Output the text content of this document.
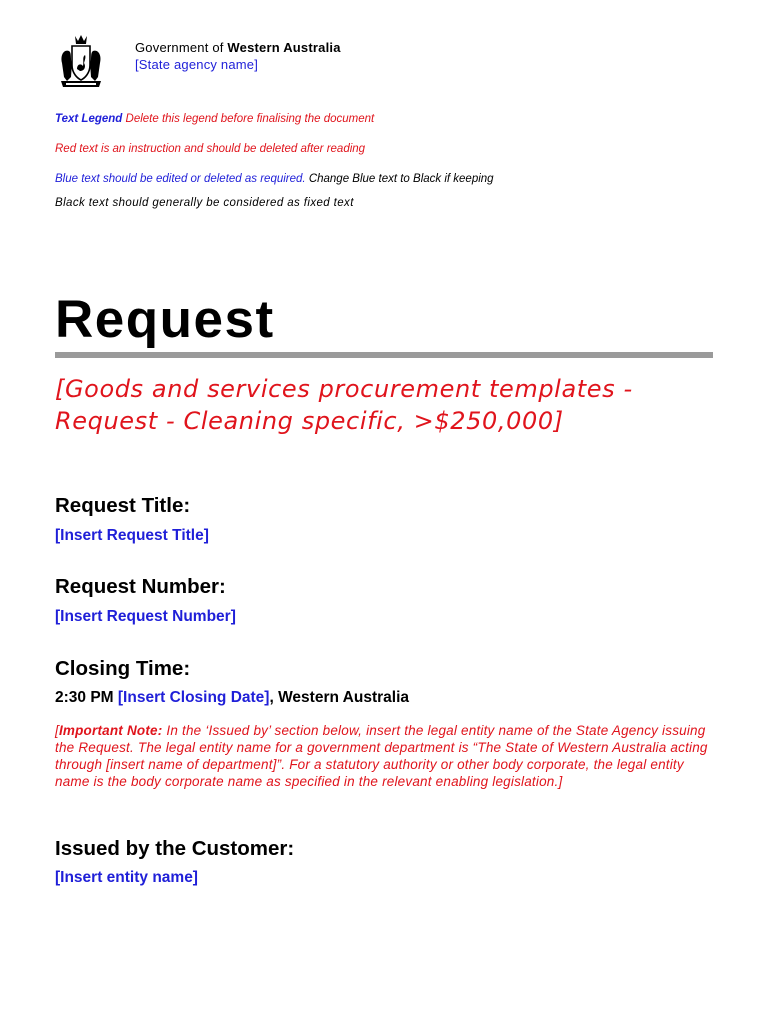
Government of Western Australia
[State agency name]
Text Legend Delete this legend before finalising the document
Red text is an instruction and should be deleted after reading
Blue text should be edited or deleted as required. Change Blue text to Black if keeping
Black text should generally be considered as fixed text
Request
[Goods and services procurement templates - Request - Cleaning specific, >$250,000]
Request Title:
[Insert Request Title]
Request Number:
[Insert Request Number]
Closing Time:
2:30 PM [Insert Closing Date], Western Australia
[Important Note: In the ‘Issued by’ section below, insert the legal entity name of the State Agency issuing the Request. The legal entity name for a government department is “The State of Western Australia acting through [insert name of department]”. For a statutory authority or other body corporate, the legal entity name is the body corporate name as specified in the relevant enabling legislation.]
Issued by the Customer:
[Insert entity name]
